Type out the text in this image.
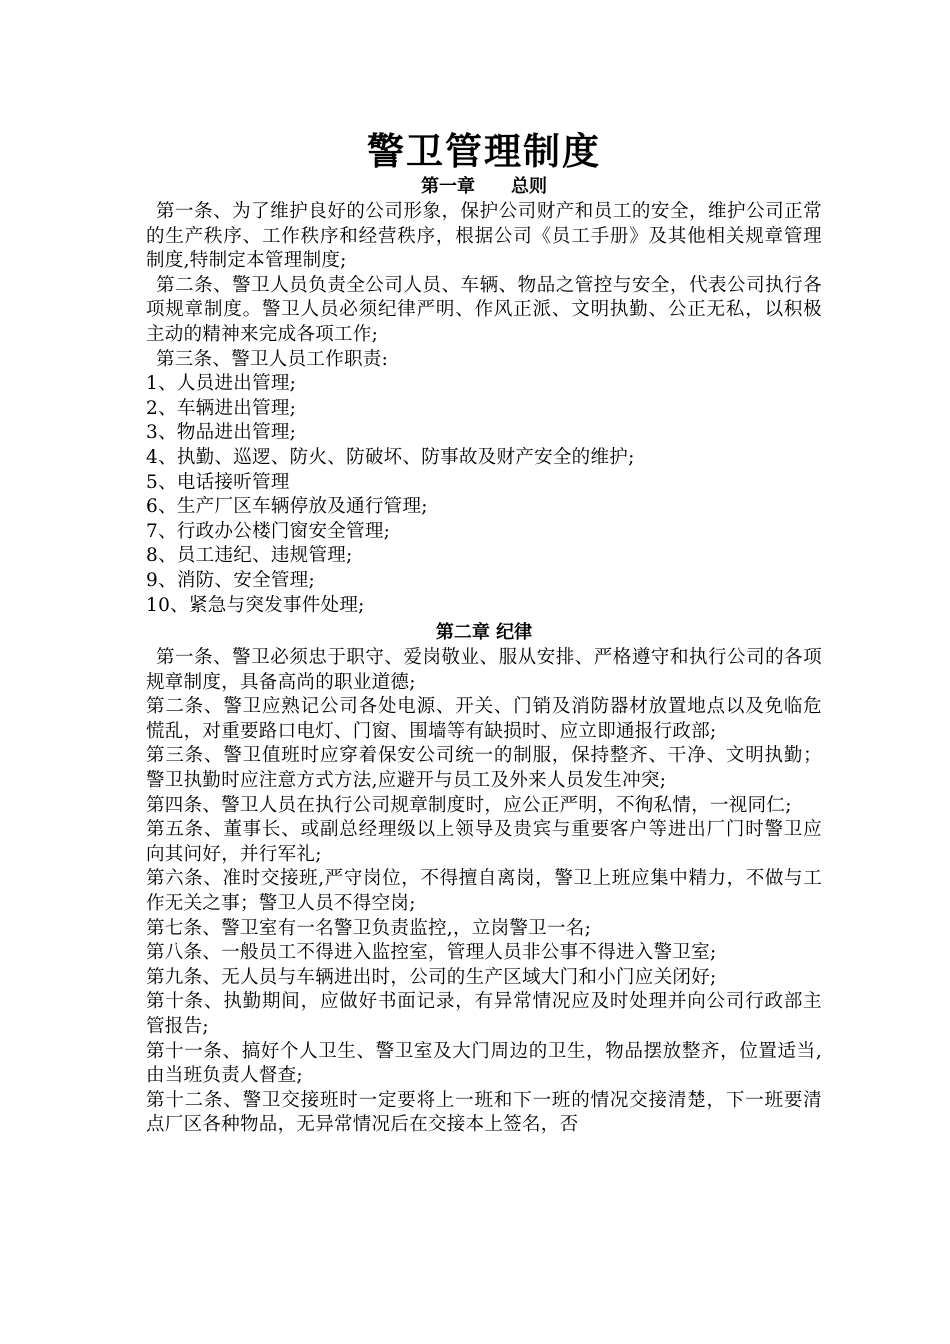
警卫管理制度
第一章　　总则

第一条、为了维护良好的公司形象，保护公司财产和员工的安全，维护公司正常的生产秩序、工作秩序和经营秩序，根据公司《员工手册》及其他相关规章管理制度,特制定本管理制度;

第二条、警卫人员负责全公司人员、车辆、物品之管控与安全，代表公司执行各项规章制度。警卫人员必须纪律严明、作风正派、文明执勤、公正无私，以积极主动的精神来完成各项工作;

第三条、警卫人员工作职责:

1、人员进出管理;
2、车辆进出管理;
3、物品进出管理;
4、执勤、巡逻、防火、防破坏、防事故及财产安全的维护;
5、电话接听管理
6、生产厂区车辆停放及通行管理;
7、行政办公楼门窗安全管理;
8、员工违纪、违规管理;
9、消防、安全管理;
10、紧急与突发事件处理;
第二章 纪律

第一条、警卫必须忠于职守、爱岗敬业、服从安排、严格遵守和执行公司的各项规章制度，具备高尚的职业道德;

第二条、警卫应熟记公司各处电源、开关、门销及消防器材放置地点以及免临危慌乱，对重要路口电灯、门窗、围墙等有缺损时、应立即通报行政部;

第三条、警卫值班时应穿着保安公司统一的制服，保持整齐、干净、文明执勤；警卫执勤时应注意方式方法,应避开与员工及外来人员发生冲突;

第四条、警卫人员在执行公司规章制度时，应公正严明，不徇私情，一视同仁;

第五条、董事长、或副总经理级以上领导及贵宾与重要客户等进出厂门时警卫应向其问好，并行军礼;

第六条、准时交接班,严守岗位，不得擅自离岗，警卫上班应集中精力，不做与工作无关之事；警卫人员不得空岗;

第七条、警卫室有一名警卫负责监控,，立岗警卫一名;

第八条、一般员工不得进入监控室，管理人员非公事不得进入警卫室;

第九条、无人员与车辆进出时，公司的生产区域大门和小门应关闭好;

第十条、执勤期间，应做好书面记录，有异常情况应及时处理并向公司行政部主管报告;

第十一条、搞好个人卫生、警卫室及大门周边的卫生，物品摆放整齐，位置适当,由当班负责人督查;

第十二条、警卫交接班时一定要将上一班和下一班的情况交接清楚，下一班要清点厂区各种物品，无异常情况后在交接本上签名，否
